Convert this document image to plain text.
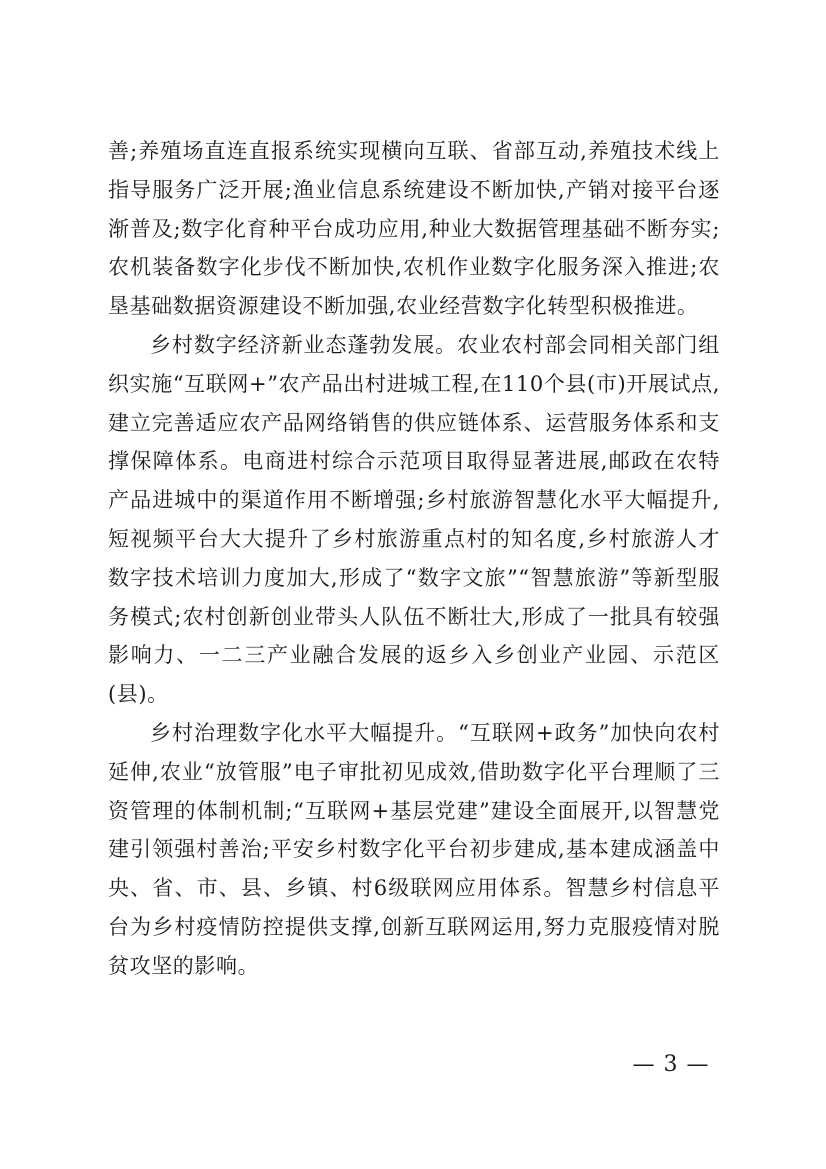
善;养殖场直连直报系统实现横向互联、省部互动,养殖技术线上指导服务广泛开展;渔业信息系统建设不断加快,产销对接平台逐渐普及;数字化育种平台成功应用,种业大数据管理基础不断夯实;农机装备数字化步伐不断加快,农机作业数字化服务深入推进;农垦基础数据资源建设不断加强,农业经营数字化转型积极推进。

乡村数字经济新业态蓬勃发展。农业农村部会同相关部门组织实施“互联网+”农产品出村进城工程,在110个县(市)开展试点,建立完善适应农产品网络销售的供应链体系、运营服务体系和支撑保障体系。电商进村综合示范项目取得显著进展,邮政在农特产品进城中的渠道作用不断增强;乡村旅游智慧化水平大幅提升,短视频平台大大提升了乡村旅游重点村的知名度,乡村旅游人才数字技术培训力度加大,形成了“数字文旅”“智慧旅游”等新型服务模式;农村创新创业带头人队伍不断壮大,形成了一批具有较强影响力、一二三产业融合发展的返乡入乡创业产业园、示范区(县)。

乡村治理数字化水平大幅提升。“互联网+政务”加快向农村延伸,农业“放管服”电子审批初见成效,借助数字化平台理顺了三资管理的体制机制;“互联网+基层党建”建设全面展开,以智慧党建引领强村善治;平安乡村数字化平台初步建成,基本建成涵盖中央、省、市、县、乡镇、村6级联网应用体系。智慧乡村信息平台为乡村疫情防控提供支撑,创新互联网运用,努力克服疫情对脱贫攻坚的影响。

— 3 —
